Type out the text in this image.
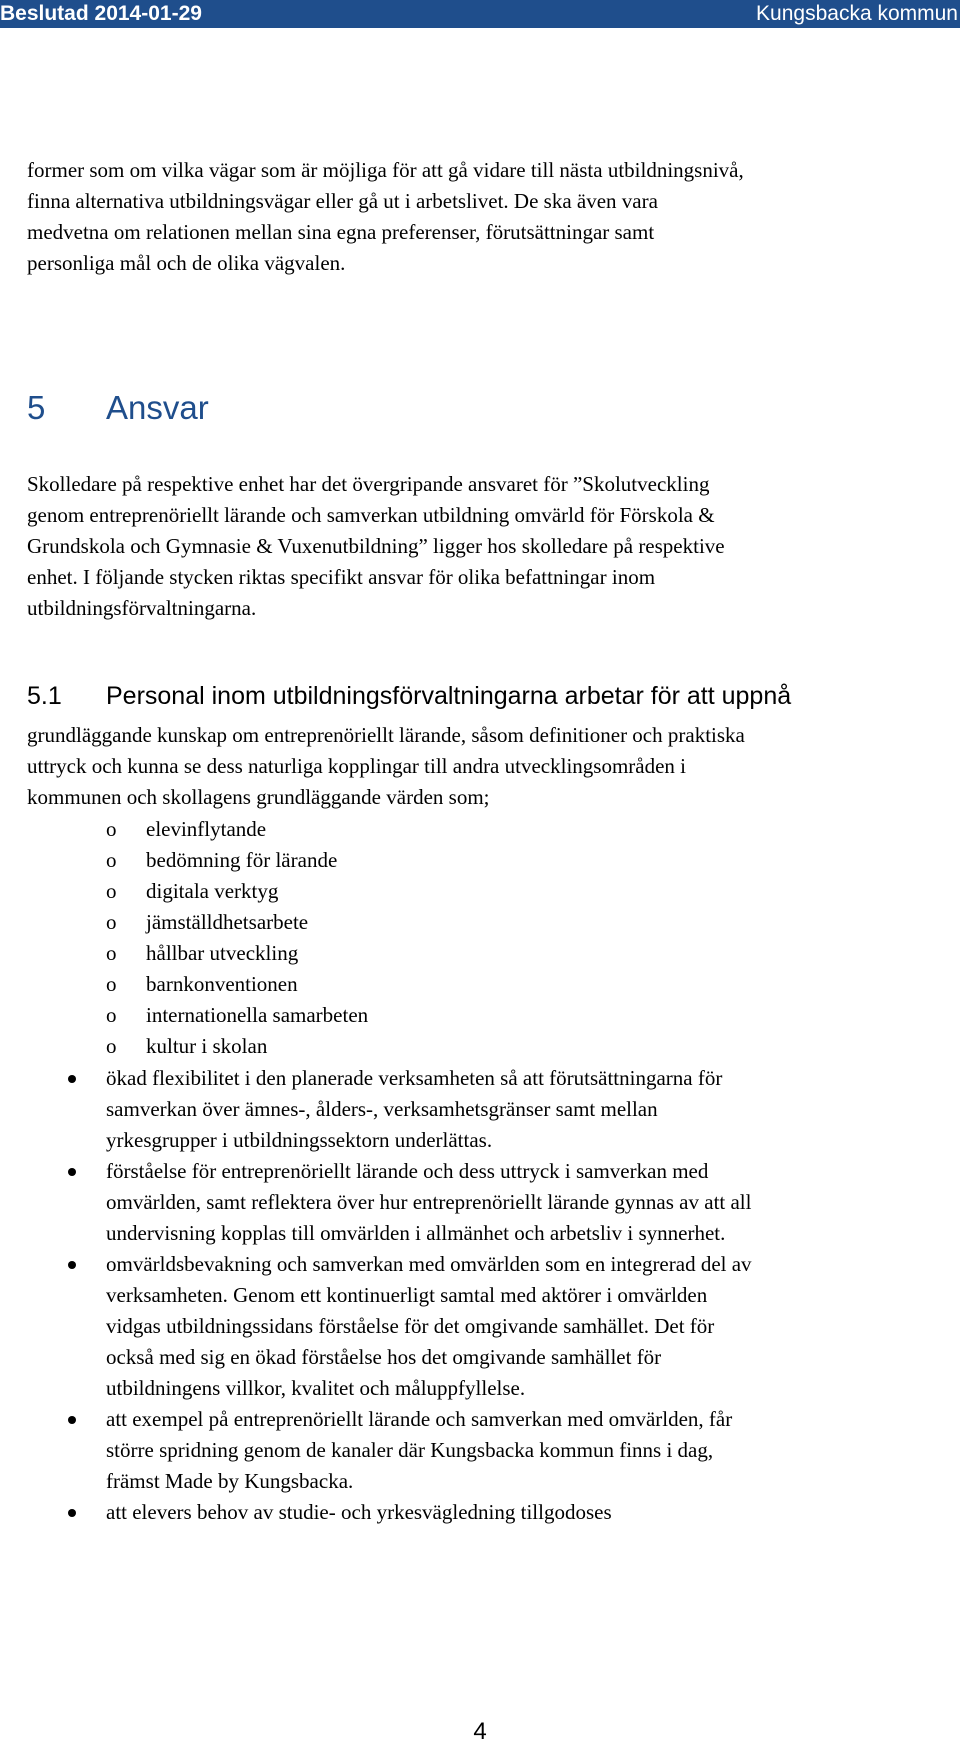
Beslutad 2014-01-29	Kungsbacka kommun

former som om vilka vägar som är möjliga för att gå vidare till nästa utbildningsnivå,
finna alternativa utbildningsvägar eller gå ut i arbetslivet. De ska även vara
medvetna om relationen mellan sina egna preferenser, förutsättningar samt
personliga mål och de olika vägvalen.

5 Ansvar

Skolledare på respektive enhet har det övergripande ansvaret för ”Skolutveckling
genom entreprenöriellt lärande och samverkan utbildning omvärld för Förskola &
Grundskola och Gymnasie & Vuxenutbildning” ligger hos skolledare på respektive
enhet. I följande stycken riktas specifikt ansvar för olika befattningar inom
utbildningsförvaltningarna.

5.1 Personal inom utbildningsförvaltningarna arbetar för att uppnå

grundläggande kunskap om entreprenöriellt lärande, såsom definitioner och praktiska
uttryck och kunna se dess naturliga kopplingar till andra utvecklingsområden i
kommunen och skollagens grundläggande värden som;

o elevinflytande
o bedömning för lärande
o digitala verktyg
o jämställdhetsarbete
o hållbar utveckling
o barnkonventionen
o internationella samarbeten
o kultur i skolan
ökad flexibilitet i den planerade verksamheten så att förutsättningarna för
samverkan över ämnes-, ålders-, verksamhetsgränser samt mellan
yrkesgrupper i utbildningssektorn underlättas.
förståelse för entreprenöriellt lärande och dess uttryck i samverkan med
omvärlden, samt reflektera över hur entreprenöriellt lärande gynnas av att all
undervisning kopplas till omvärlden i allmänhet och arbetsliv i synnerhet.
omvärldsbevakning och samverkan med omvärlden som en integrerad del av
verksamheten. Genom ett kontinuerligt samtal med aktörer i omvärlden
vidgas utbildningssidans förståelse för det omgivande samhället. Det för
också med sig en ökad förståelse hos det omgivande samhället för
utbildningens villkor, kvalitet och måluppfyllelse.
att exempel på entreprenöriellt lärande och samverkan med omvärlden, får
större spridning genom de kanaler där Kungsbacka kommun finns i dag,
främst Made by Kungsbacka.
att elevers behov av studie- och yrkesvägledning tillgodoses
4
